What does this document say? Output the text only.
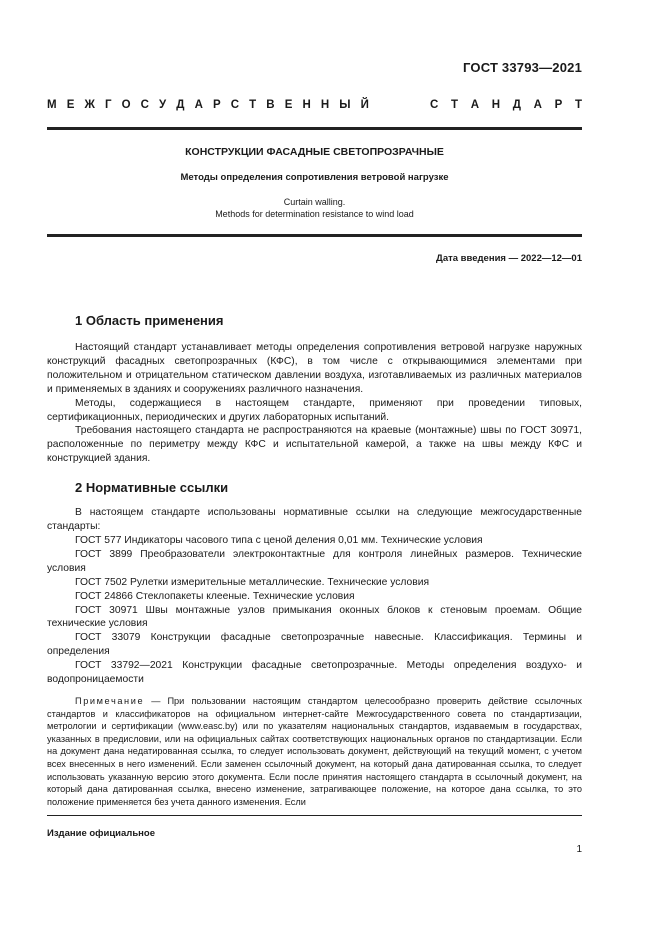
ГОСТ 33793—2021
М Е Ж Г О С У Д А Р С Т В Е Н Н Ы Й	С Т А Н Д А Р Т
КОНСТРУКЦИИ ФАСАДНЫЕ СВЕТОПРОЗРАЧНЫЕ
Методы определения сопротивления ветровой нагрузке
Curtain walling.
Methods for determination resistance to wind load
Дата введения — 2022—12—01
1 Область применения

Настоящий стандарт устанавливает методы определения сопротивления ветровой нагрузке наружных конструкций фасадных светопрозрачных (КФС), в том числе с открывающимися элементами при положительном и отрицательном статическом давлении воздуха, изготавливаемых из различных материалов и применяемых в зданиях и сооружениях различного назначения.

Методы, содержащиеся в настоящем стандарте, применяют при проведении типовых, сертификационных, периодических и других лабораторных испытаний.

Требования настоящего стандарта не распространяются на краевые (монтажные) швы по ГОСТ 30971, расположенные по периметру между КФС и испытательной камерой, а также на швы между КФС и конструкцией здания.

2 Нормативные ссылки

В настоящем стандарте использованы нормативные ссылки на следующие межгосударственные стандарты:

ГОСТ 577 Индикаторы часового типа с ценой деления 0,01 мм. Технические условия

ГОСТ 3899 Преобразователи электроконтактные для контроля линейных размеров. Технические условия

ГОСТ 7502 Рулетки измерительные металлические. Технические условия

ГОСТ 24866 Стеклопакеты клееные. Технические условия

ГОСТ 30971 Швы монтажные узлов примыкания оконных блоков к стеновым проемам. Общие технические условия

ГОСТ 33079 Конструкции фасадные светопрозрачные навесные. Классификация. Термины и определения

ГОСТ 33792—2021 Конструкции фасадные светопрозрачные. Методы определения воздухо- и водопроницаемости

Примечание — При пользовании настоящим стандартом целесообразно проверить действие ссылочных стандартов и классификаторов на официальном интернет-сайте Межгосударственного совета по стандартизации, метрологии и сертификации (www.easc.by) или по указателям национальных стандартов, издаваемым в государствах, указанных в предисловии, или на официальных сайтах соответствующих национальных органов по стандартизации. Если на документ дана недатированная ссылка, то следует использовать документ, действующий на текущий момент, с учетом всех внесенных в него изменений. Если заменен ссылочный документ, на который дана датированная ссылка, то следует использовать указанную версию этого документа. Если после принятия настоящего стандарта в ссылочный документ, на который дана датированная ссылка, внесено изменение, затрагивающее положение, на которое дана ссылка, то это положение применяется без учета данного изменения. Если

Издание официальное
1
